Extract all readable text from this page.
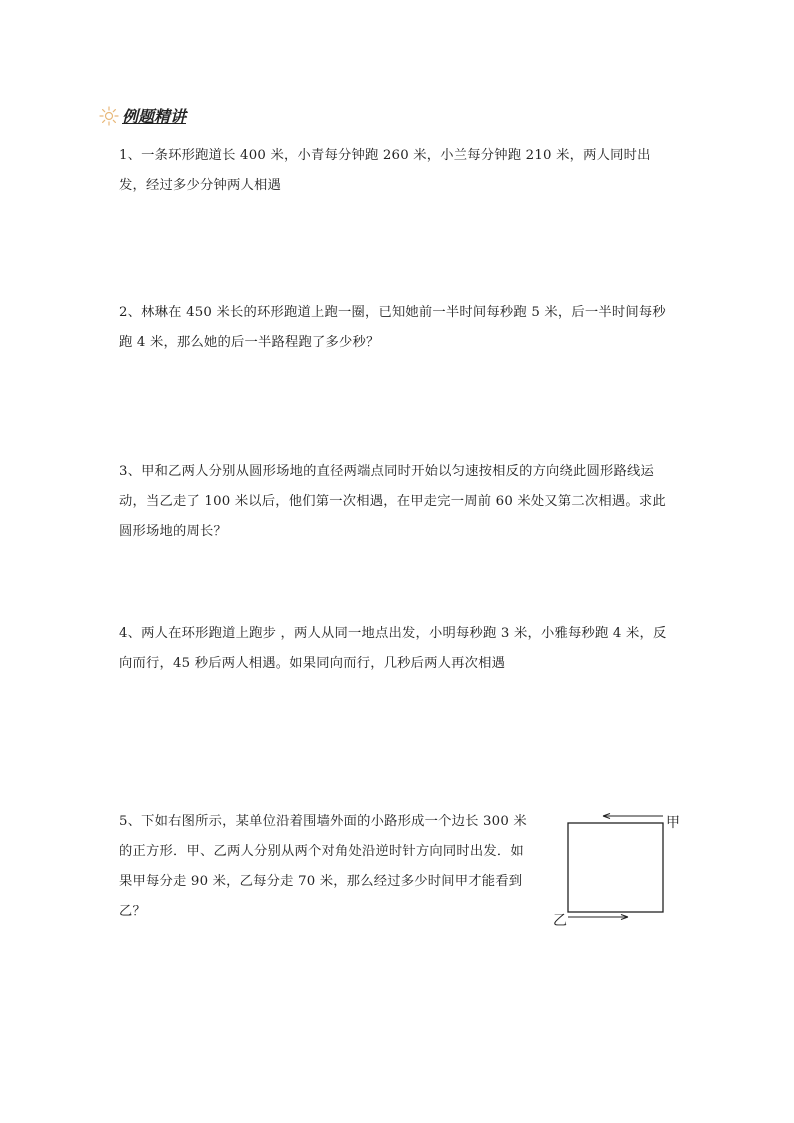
例题精讲

1、一条环形跑道长 400 米，小青每分钟跑 260 米，小兰每分钟跑 210 米，两人同时出

发，经过多少分钟两人相遇

2、林琳在 450 米长的环形跑道上跑一圈，已知她前一半时间每秒跑 5 米，后一半时间每秒

跑 4 米，那么她的后一半路程跑了多少秒？

3、甲和乙两人分别从圆形场地的直径两端点同时开始以匀速按相反的方向绕此圆形路线运

动，当乙走了 100 米以后，他们第一次相遇，在甲走完一周前 60 米处又第二次相遇。求此

圆形场地的周长？

4、两人在环形跑道上跑步 ，两人从同一地点出发，小明每秒跑 3 米，小雅每秒跑 4 米，反

向而行，45 秒后两人相遇。如果同向而行，几秒后两人再次相遇

5、下如右图所示，某单位沿着围墙外面的小路形成一个边长 300 米

的正方形．甲、乙两人分别从两个对角处沿逆时针方向同时出发．如

果甲每分走 90 米，乙每分走 70 米，那么经过多少时间甲才能看到

乙？

甲
乙
